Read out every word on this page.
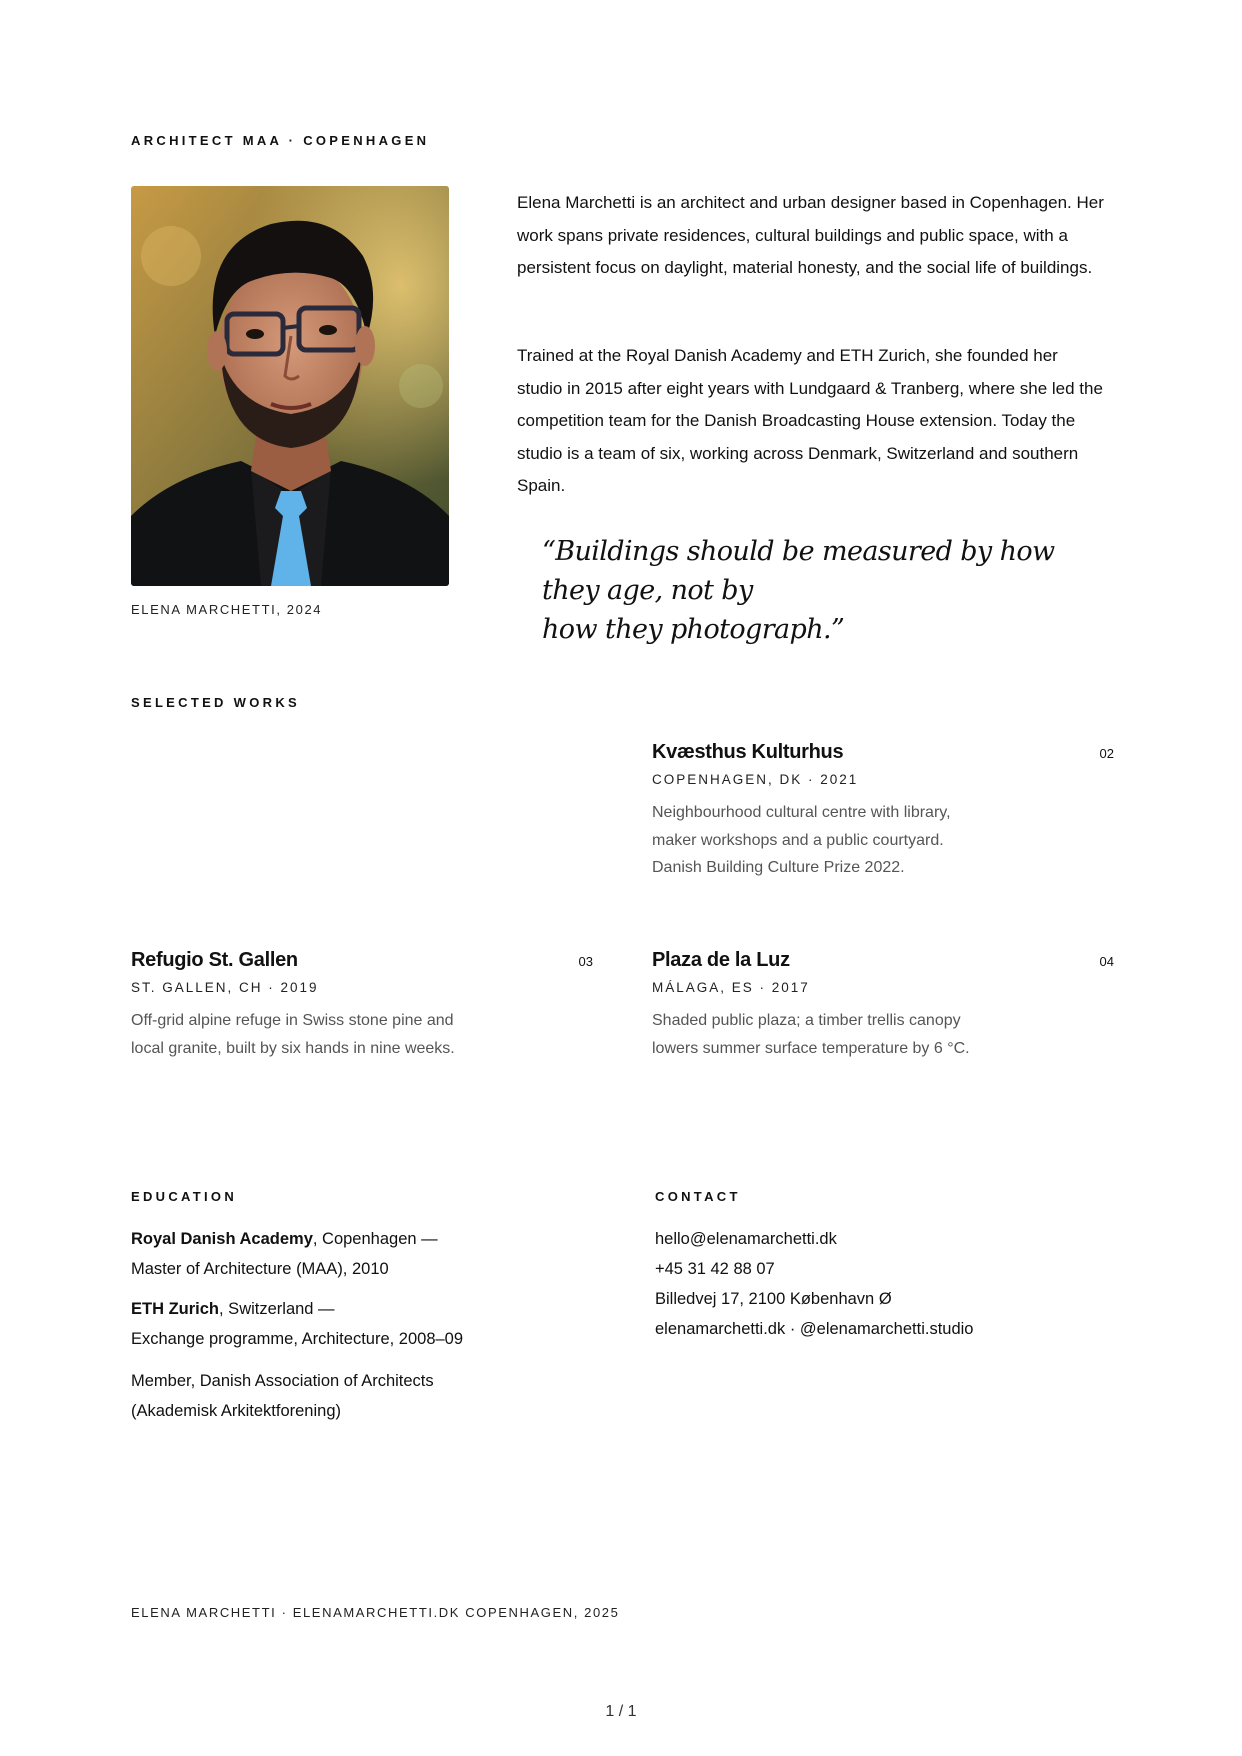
ARCHITECT MAA · COPENHAGEN
ELENA MARCHETTI, 2024

Elena Marchetti is an architect and urban designer based in Copenhagen. Her work spans private residences, cultural buildings and public space, with a persistent focus on daylight, material honesty, and the social life of buildings.

Trained at the Royal Danish Academy and ETH Zurich, she founded her studio in 2015 after eight years with Lundgaard & Tranberg, where she led the competition team for the Danish Broadcasting House extension. Today the studio is a team of six, working across Denmark, Switzerland and southern Spain.

“Buildings should be measured by how they age, not by
how they photograph.”
SELECTED WORKS
Kvæsthus Kulturhus	02
COPENHAGEN, DK · 2021
Neighbourhood cultural centre with library, maker workshops and a public courtyard. Danish Building Culture Prize 2022.
Refugio St. Gallen	03
ST. GALLEN, CH · 2019
Off-grid alpine refuge in Swiss stone pine and local granite, built by six hands in nine weeks.
Plaza de la Luz	04
MÁLAGA, ES · 2017
Shaded public plaza; a timber trellis canopy lowers summer surface temperature by 6 °C.
EDUCATION

Royal Danish Academy, Copenhagen —
Master of Architecture (MAA), 2010

ETH Zurich, Switzerland —
Exchange programme, Architecture, 2008–09

Member, Danish Association of Architects
(Akademisk Arkitektforening)

CONTACT
hello@elenamarchetti.dk
+45 31 42 88 07
Billedvej 17, 2100 København Ø
elenamarchetti.dk · @elenamarchetti.studio
ELENA MARCHETTI · ELENAMARCHETTI.DK COPENHAGEN, 2025
1 / 1
